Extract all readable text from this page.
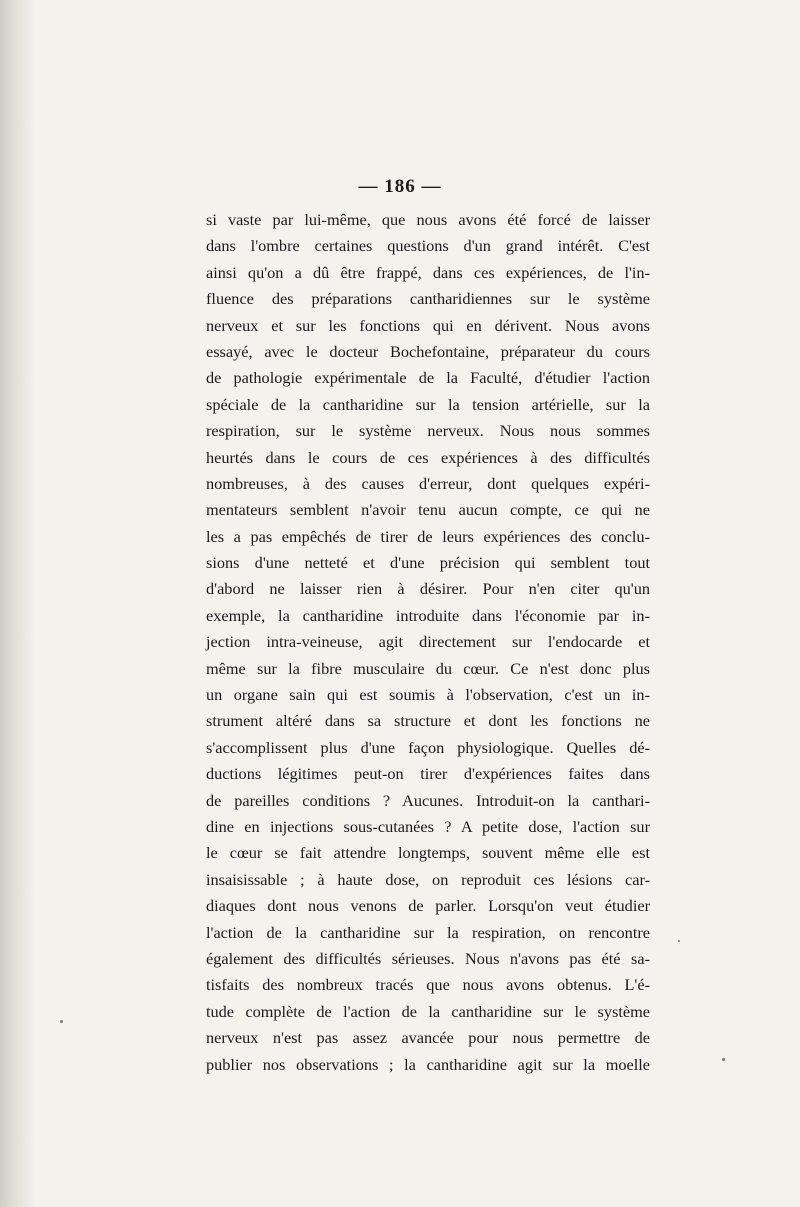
— 186 —
si vaste par lui-même, que nous avons été forcé de laisser
dans l'ombre certaines questions d'un grand intérêt. C'est
ainsi qu'on a dû être frappé, dans ces expériences, de l'in-
fluence des préparations cantharidiennes sur le système
nerveux et sur les fonctions qui en dérivent. Nous avons
essayé, avec le docteur Bochefontaine, préparateur du cours
de pathologie expérimentale de la Faculté, d'étudier l'action
spéciale de la cantharidine sur la tension artérielle, sur la
respiration, sur le système nerveux. Nous nous sommes
heurtés dans le cours de ces expériences à des difficultés
nombreuses, à des causes d'erreur, dont quelques expéri-
mentateurs semblent n'avoir tenu aucun compte, ce qui ne
les a pas empêchés de tirer de leurs expériences des conclu-
sions d'une netteté et d'une précision qui semblent tout
d'abord ne laisser rien à désirer. Pour n'en citer qu'un
exemple, la cantharidine introduite dans l'économie par in-
jection intra-veineuse, agit directement sur l'endocarde et
même sur la fibre musculaire du cœur. Ce n'est donc plus
un organe sain qui est soumis à l'observation, c'est un in-
strument altéré dans sa structure et dont les fonctions ne
s'accomplissent plus d'une façon physiologique. Quelles dé-
ductions légitimes peut-on tirer d'expériences faites dans
de pareilles conditions ? Aucunes. Introduit-on la canthari-
dine en injections sous-cutanées ? A petite dose, l'action sur
le cœur se fait attendre longtemps, souvent même elle est
insaisissable ; à haute dose, on reproduit ces lésions car-
diaques dont nous venons de parler. Lorsqu'on veut étudier
l'action de la cantharidine sur la respiration, on rencontre
également des difficultés sérieuses. Nous n'avons pas été sa-
tisfaits des nombreux tracés que nous avons obtenus. L'é-
tude complète de l'action de la cantharidine sur le système
nerveux n'est pas assez avancée pour nous permettre de
publier nos observations ; la cantharidine agit sur la moelle
